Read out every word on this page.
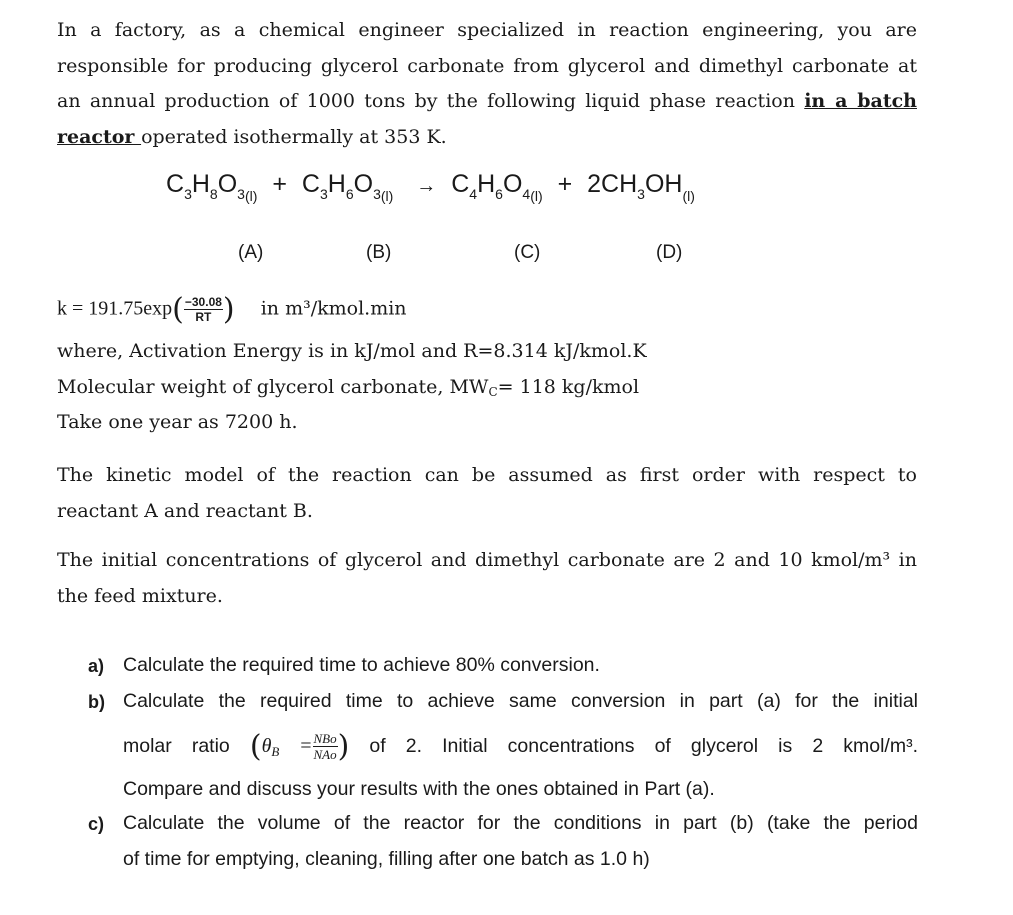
In a factory, as a chemical engineer specialized in reaction engineering, you are
responsible for producing glycerol carbonate from glycerol and dimethyl carbonate at
an annual production of 1000 tons by the following liquid phase reaction in a batch
reactor operated isothermally at 353 K.
$C_3H_8O_{3(l)} + C_3H_6O_{3(l)} \to C_4H_6O_{4(l)} + 2CH_3OH_{(l)}$
(A)	(B)	(C)	(D)
$k = 191.75\exp( \frac{-30.08}{RT}$ ) in m³/kmol.min
where, Activation Energy is in kJ/mol and R=8.314 kJ/kmol.K
Molecular weight of glycerol carbonate, MWC= 118 kg/kmol
Take one year as 7200 h.
The kinetic model of the reaction can be assumed as first order with respect to
reactant A and reactant B.
The initial concentrations of glycerol and dimethyl carbonate are 2 and 10 kmol/m³ in
the feed mixture.
a) Calculate the required time to achieve 80% conversion.
b) Calculate the required time to achieve same conversion in part (a) for the initial
molar ratio ($\theta_B = \frac{\text{NBo}}{\text{NAo}}$ ) of 2. Initial concentrations of glycerol is 2 kmol/m³.
Compare and discuss your results with the ones obtained in Part (a).
c) Calculate the volume of the reactor for the conditions in part (b) (take the period
of time for emptying, cleaning, filling after one batch as 1.0 h)
